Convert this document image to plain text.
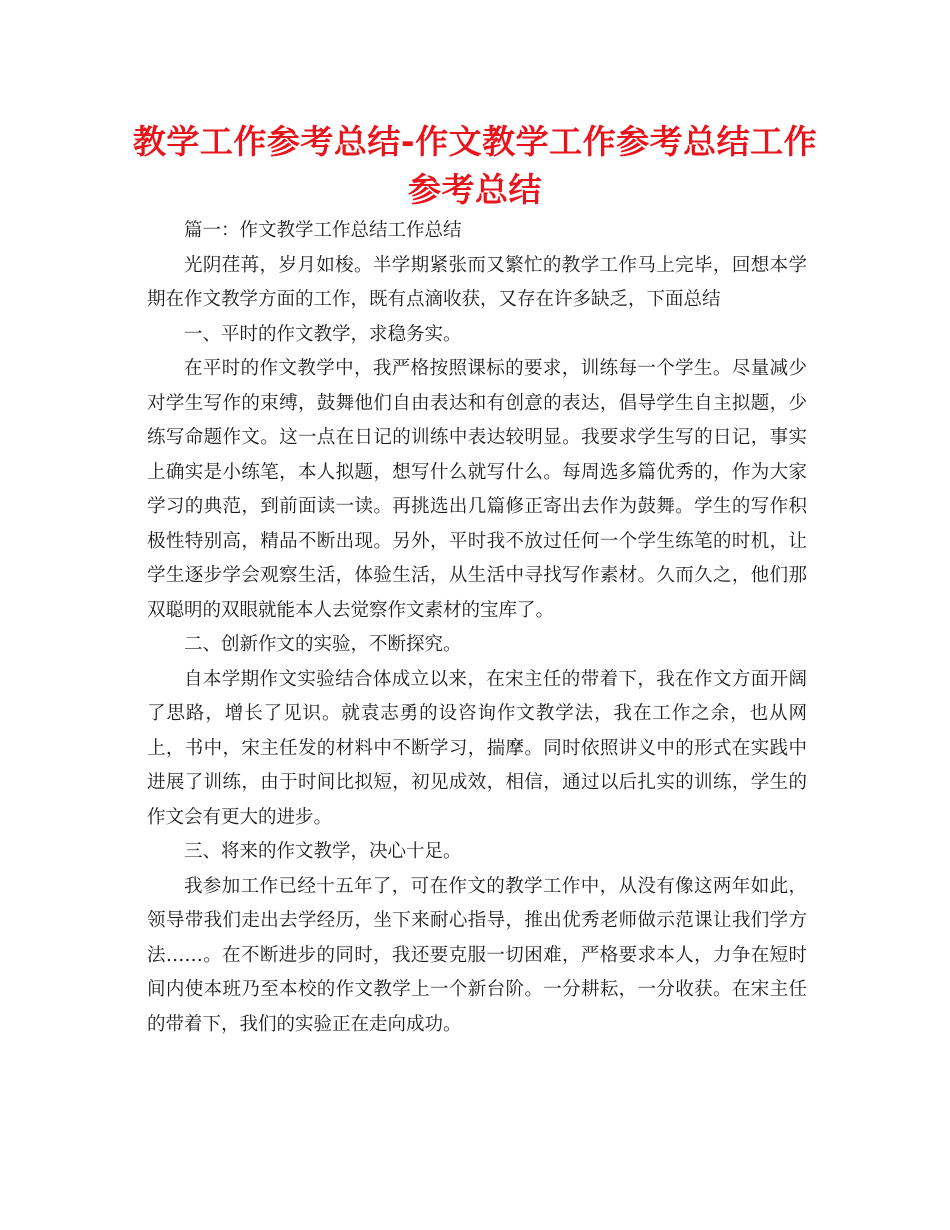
教学工作参考总结-作文教学工作参考总结工作参考总结

篇一：作文教学工作总结工作总结

光阴荏苒，岁月如梭。半学期紧张而又繁忙的教学工作马上完毕，回想本学期在作文教学方面的工作，既有点滴收获，又存在许多缺乏，下面总结

一、平时的作文教学，求稳务实。

在平时的作文教学中，我严格按照课标的要求，训练每一个学生。尽量减少对学生写作的束缚，鼓舞他们自由表达和有创意的表达，倡导学生自主拟题，少练写命题作文。这一点在日记的训练中表达较明显。我要求学生写的日记，事实上确实是小练笔，本人拟题，想写什么就写什么。每周选多篇优秀的，作为大家学习的典范，到前面读一读。再挑选出几篇修正寄出去作为鼓舞。学生的写作积极性特别高，精品不断出现。另外，平时我不放过任何一个学生练笔的时机，让学生逐步学会观察生活，体验生活，从生活中寻找写作素材。久而久之，他们那双聪明的双眼就能本人去觉察作文素材的宝库了。

二、创新作文的实验，不断探究。

自本学期作文实验结合体成立以来，在宋主任的带着下，我在作文方面开阔了思路，增长了见识。就袁志勇的设咨询作文教学法，我在工作之余，也从网上，书中，宋主任发的材料中不断学习，揣摩。同时依照讲义中的形式在实践中进展了训练，由于时间比拟短，初见成效，相信，通过以后扎实的训练，学生的作文会有更大的进步。

三、将来的作文教学，决心十足。

我参加工作已经十五年了，可在作文的教学工作中，从没有像这两年如此，领导带我们走出去学经历，坐下来耐心指导，推出优秀老师做示范课让我们学方法……。在不断进步的同时，我还要克服一切困难，严格要求本人，力争在短时间内使本班乃至本校的作文教学上一个新台阶。一分耕耘，一分收获。在宋主任的带着下，我们的实验正在走向成功。
